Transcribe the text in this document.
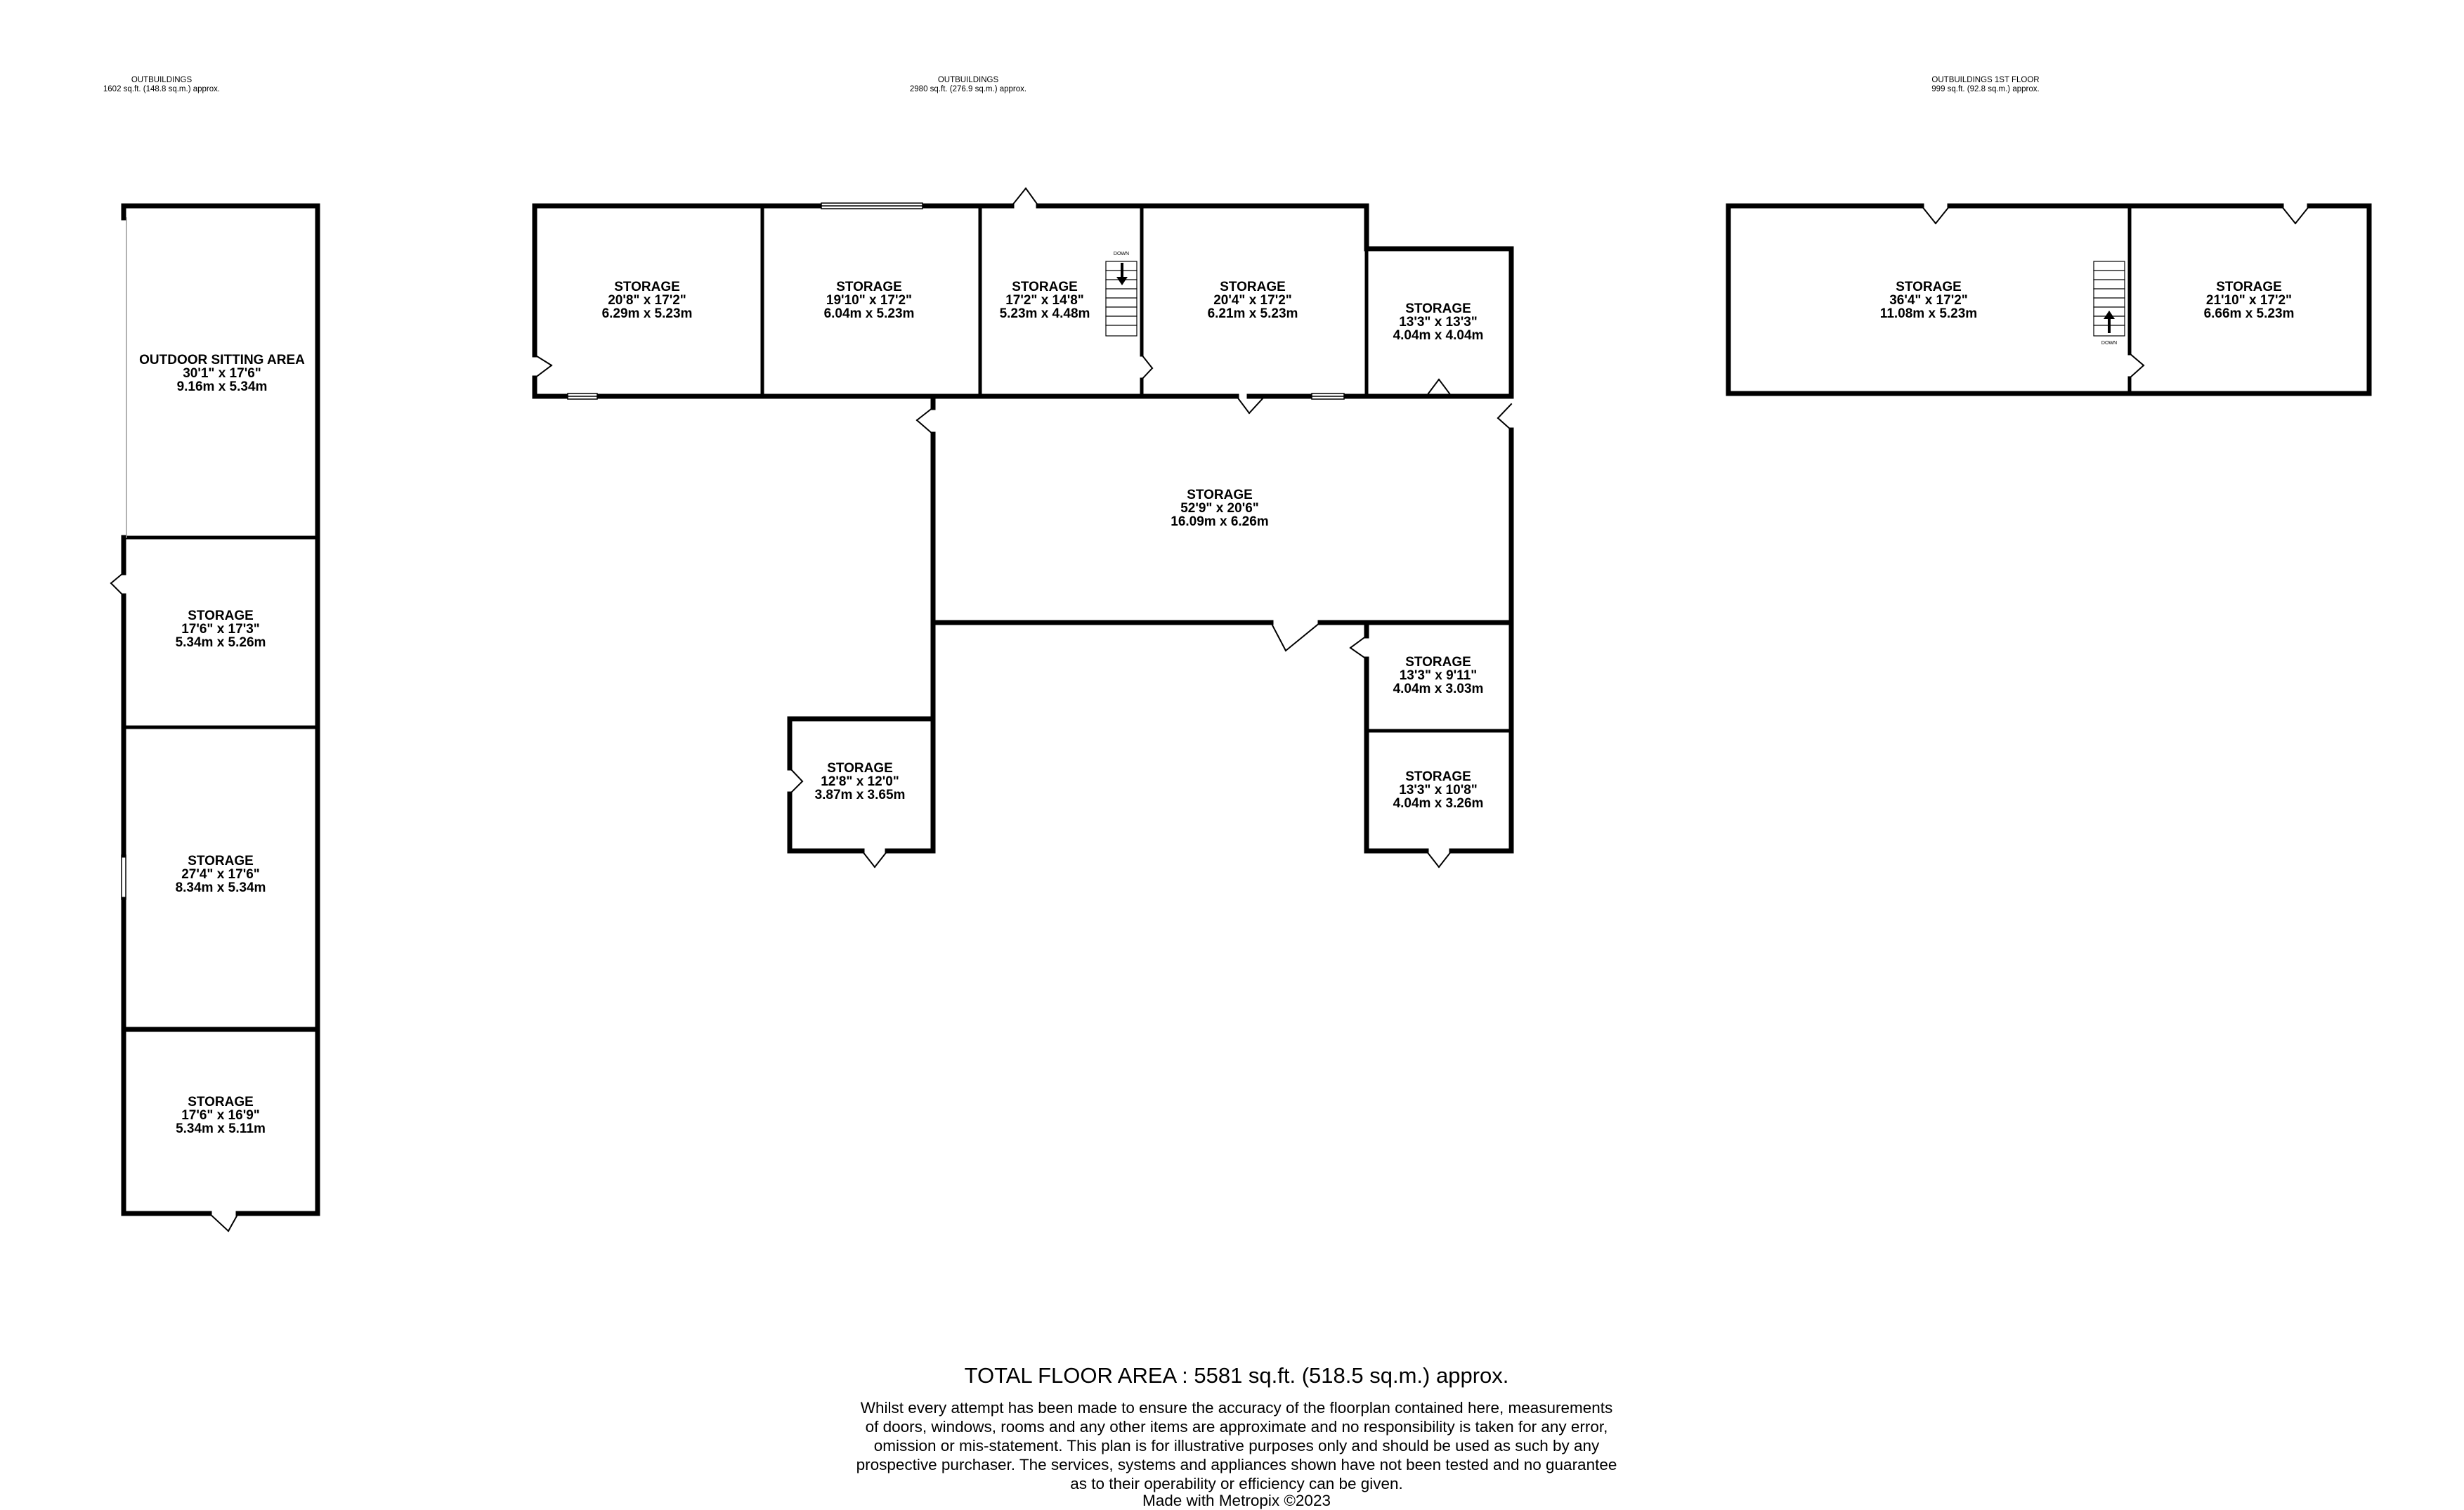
OUTBUILDINGS
1602 sq.ft. (148.8 sq.m.) approx.
OUTBUILDINGS
2980 sq.ft. (276.9 sq.m.) approx.
OUTBUILDINGS 1ST FLOOR
999 sq.ft. (92.8 sq.m.) approx.
DOWN
DOWN
OUTDOOR SITTING AREA
30'1" x 17'6"
9.16m x 5.34m
STORAGE
17'6" x 17'3"
5.34m x 5.26m
STORAGE
27'4" x 17'6"
8.34m x 5.34m
STORAGE
17'6" x 16'9"
5.34m x 5.11m
STORAGE
20'8" x 17'2"
6.29m x 5.23m
STORAGE
19'10" x 17'2"
6.04m x 5.23m
STORAGE
17'2" x 14'8"
5.23m x 4.48m
STORAGE
20'4" x 17'2"
6.21m x 5.23m	STORAGE
13'3" x 13'3"
4.04m x 4.04m
STORAGE
52'9" x 20'6"
16.09m x 6.26m
STORAGE
13'3" x 9'11"
4.04m x 3.03m
STORAGE
13'3" x 10'8"
4.04m x 3.26m
STORAGE
12'8" x 12'0"
3.87m x 3.65m
STORAGE
36'4" x 17'2"
11.08m x 5.23m
STORAGE
21'10" x 17'2"
6.66m x 5.23m
TOTAL FLOOR AREA : 5581 sq.ft. (518.5 sq.m.) approx.
Whilst every attempt has been made to ensure the accuracy of the floorplan contained here, measurements
of doors, windows, rooms and any other items are approximate and no responsibility is taken for any error,
omission or mis-statement. This plan is for illustrative purposes only and should be used as such by any
prospective purchaser. The services, systems and appliances shown have not been tested and no guarantee
as to their operability or efficiency can be given.
Made with Metropix ©2023
